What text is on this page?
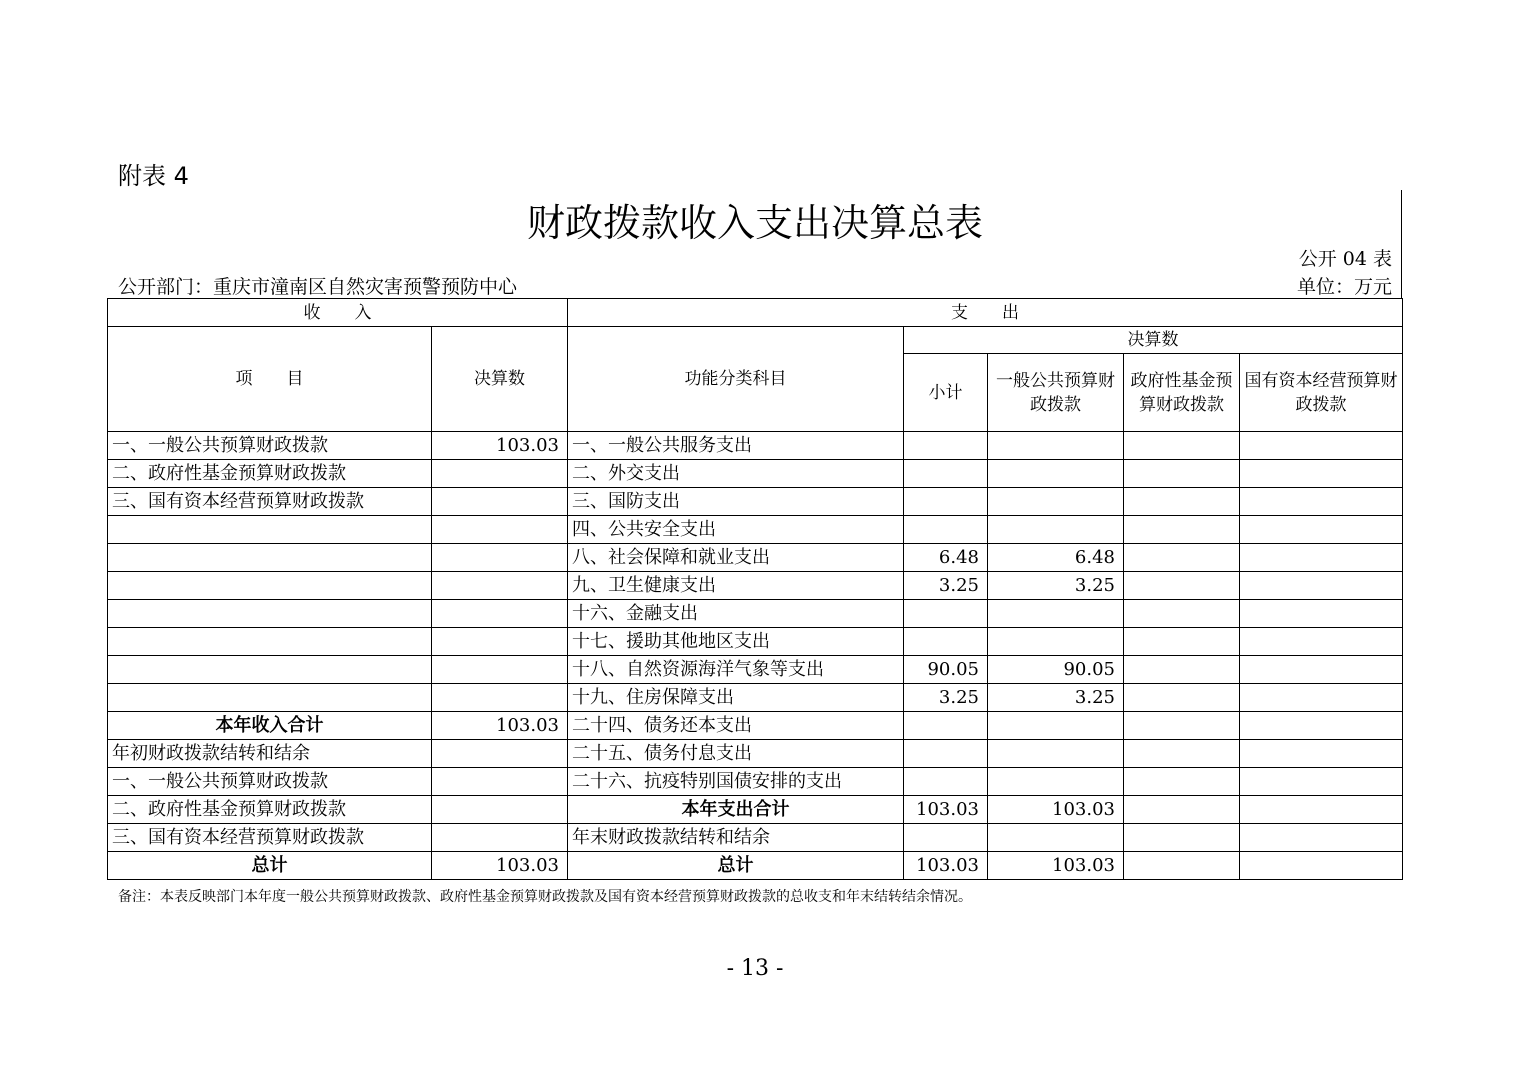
附表 4
财政拨款收入支出决算总表
公开 04 表
公开部门：重庆市潼南区自然灾害预警预防中心	单位：万元
收　　入		支　　出				
项　　目	决算数	功能分类科目	决算数			
			小计	一般公共预算财政拨款	政府性基金预算财政拨款	国有资本经营预算财政拨款
一、一般公共预算财政拨款	103.03	一、一般公共服务支出				
二、政府性基金预算财政拨款		二、外交支出				
三、国有资本经营预算财政拨款		三、国防支出				
		四、公共安全支出				
		八、社会保障和就业支出	6.48	6.48		
		九、卫生健康支出	3.25	3.25		
		十六、金融支出				
		十七、援助其他地区支出				
		十八、自然资源海洋气象等支出	90.05	90.05		
		十九、住房保障支出	3.25	3.25		
本年收入合计	103.03	二十四、债务还本支出				
年初财政拨款结转和结余		二十五、债务付息支出				
一、一般公共预算财政拨款		二十六、抗疫特别国债安排的支出				
二、政府性基金预算财政拨款		本年支出合计	103.03	103.03		
三、国有资本经营预算财政拨款		年末财政拨款结转和结余				
总计	103.03	总计	103.03	103.03		
备注：本表反映部门本年度一般公共预算财政拨款、政府性基金预算财政拨款及国有资本经营预算财政拨款的总收支和年末结转结余情况。
- 13 -
